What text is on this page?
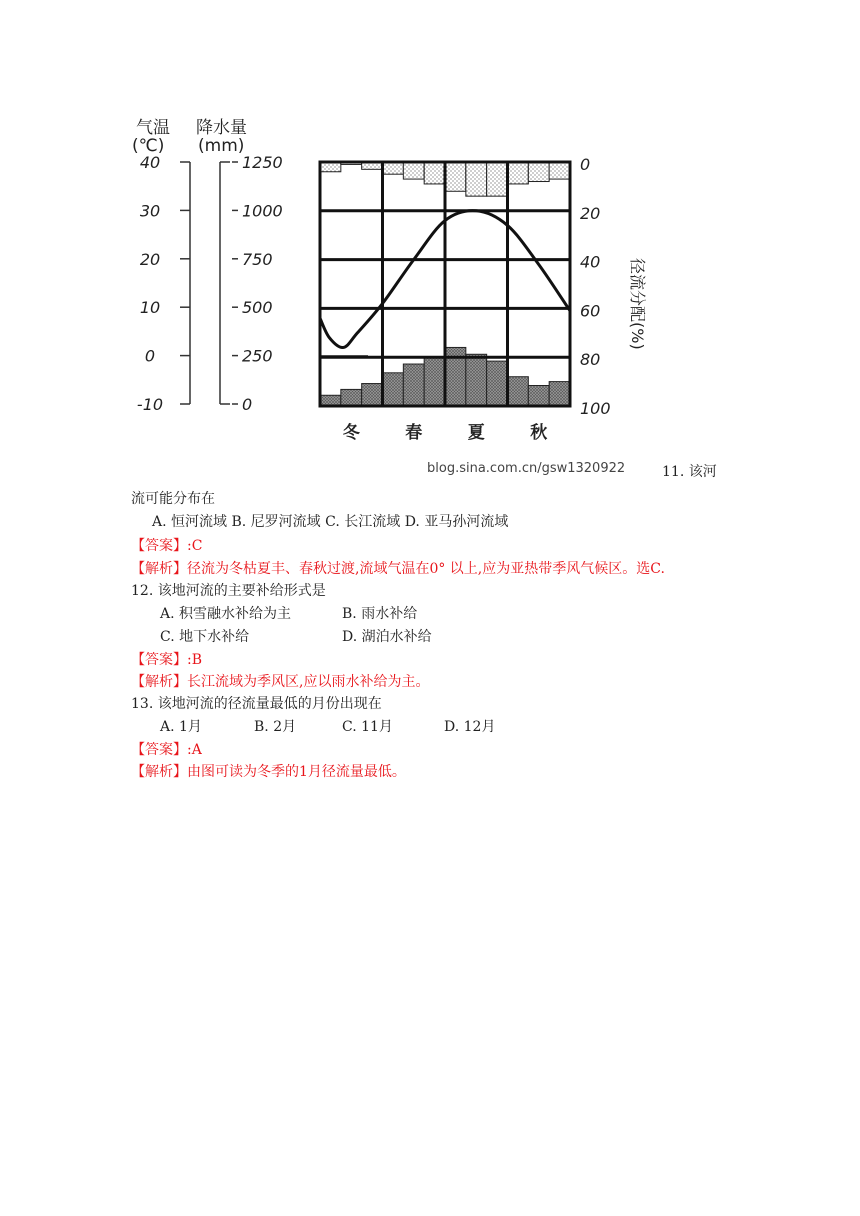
气温
(℃)
降水量
(mm)
40
30
20
10
0
-10
1250
1000
750
500
250
0
0
20
40
60
80
100
冬	春	夏	秋
径流分配(%)
blog.sina.com.cn/gsw1320922	11. 该河
流可能分布在
A. 恒河流域 B. 尼罗河流域 C. 长江流域 D. 亚马孙河流域
【答案】:C
【解析】径流为冬枯夏丰、春秋过渡,流域气温在0° 以上,应为亚热带季风气候区。选C.
12. 该地河流的主要补给形式是
A. 积雪融水补给为主	B. 雨水补给
C. 地下水补给	D. 湖泊水补给
【答案】:B
【解析】长江流域为季风区,应以雨水补给为主。
13. 该地河流的径流量最低的月份出现在
A. 1月	B. 2月	C. 11月	D. 12月
【答案】:A
【解析】由图可读为冬季的1月径流量最低。
